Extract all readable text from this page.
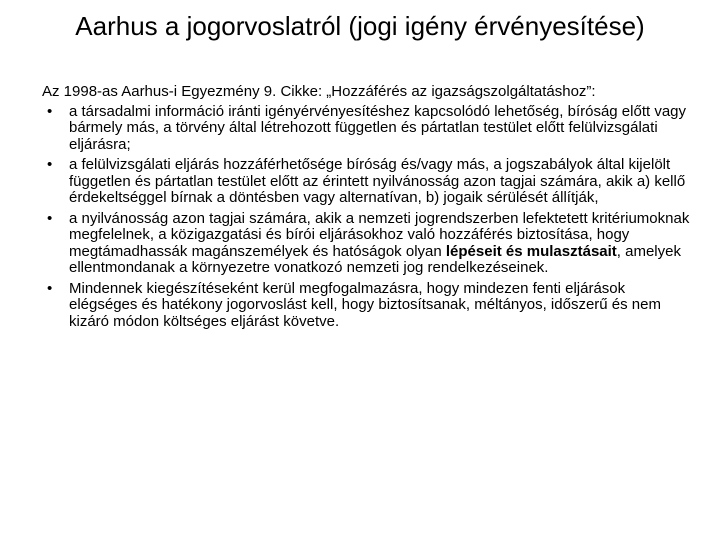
Aarhus a jogorvoslatról (jogi igény érvényesítése)

Az 1998-as Aarhus-i Egyezmény 9. Cikke: „Hozzáférés az igazságszolgáltatáshoz”:

• a társadalmi információ iránti igényérvényesítéshez kapcsolódó lehetőség, bíróság előtt vagy bármely más, a törvény által létrehozott független és pártatlan testület előtt felülvizsgálati eljárásra;
• a felülvizsgálati eljárás hozzáférhetősége bíróság és/vagy más, a jogszabályok által kijelölt független és pártatlan testület előtt az érintett nyilvánosság azon tagjai számára, akik a) kellő érdekeltséggel bírnak a döntésben vagy alternatívan, b) jogaik sérülését állítják,
• a nyilvánosság azon tagjai számára, akik a nemzeti jogrendszerben lefektetett kritériumoknak megfelelnek, a közigazgatási és bírói eljárásokhoz való hozzáférés biztosítása, hogy megtámadhassák magánszemélyek és hatóságok olyan lépéseit és mulasztásait, amelyek ellentmondanak a környezetre vonatkozó nemzeti jog rendelkezéseinek.
• Mindennek kiegészítéseként kerül megfogalmazásra, hogy mindezen fenti eljárások elégséges és hatékony jogorvoslást kell, hogy biztosítsanak, méltányos, időszerű és nem kizáró módon költséges eljárást követve.
